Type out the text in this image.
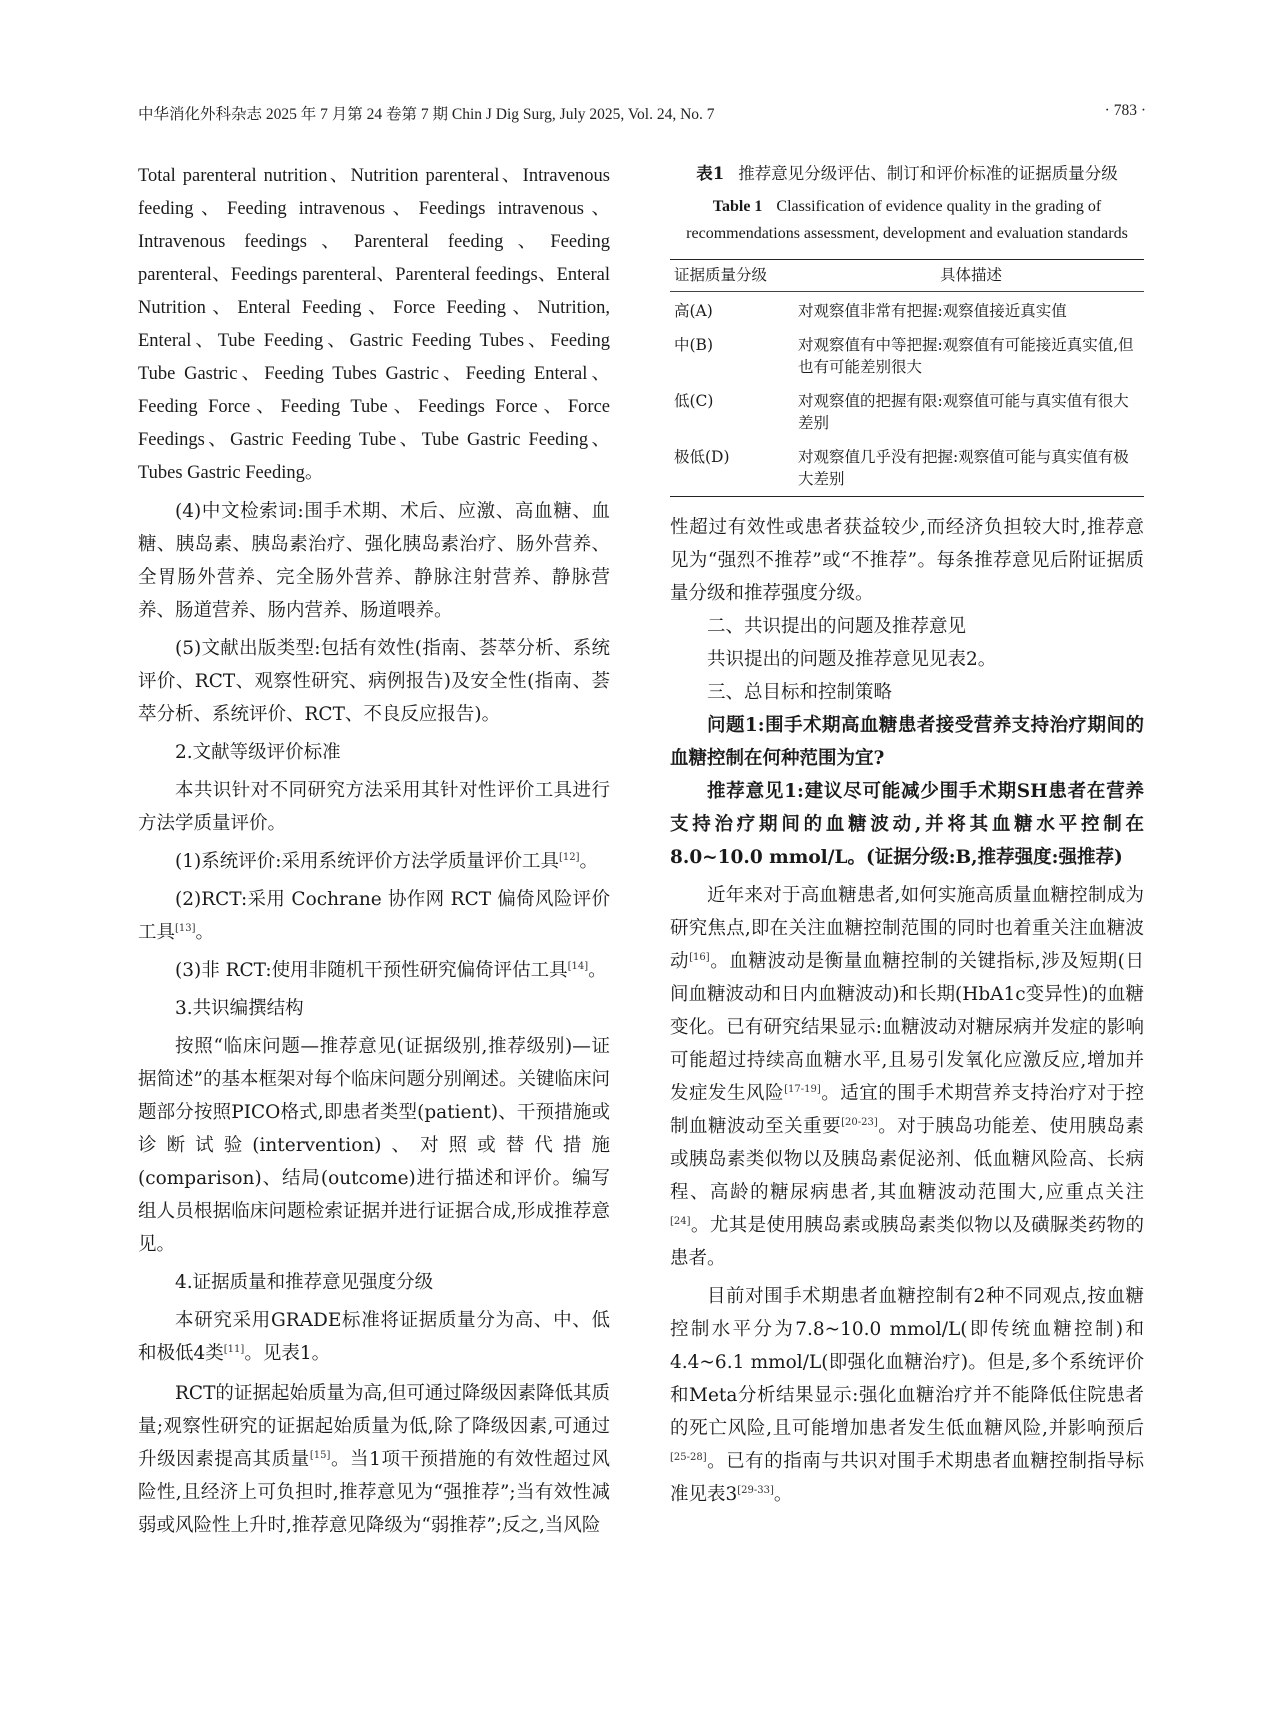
中华消化外科杂志 2025 年 7 月第 24 卷第 7 期 Chin J Dig Surg, July 2025, Vol. 24, No. 7	· 783 ·

Total parenteral nutrition、Nutrition parenteral、Intravenous feeding、Feeding intravenous、Feedings intravenous、Intravenous feedings、Parenteral feeding、Feeding parenteral、Feedings parenteral、Parenteral feedings、Enteral Nutrition、Enteral Feeding、Force Feeding、Nutrition, Enteral、Tube Feeding、Gastric Feeding Tubes、Feeding Tube Gastric、Feeding Tubes Gastric、Feeding Enteral、Feeding Force、Feeding Tube、Feedings Force、Force Feedings、Gastric Feeding Tube、Tube Gastric Feeding、Tubes Gastric Feeding。

(4)中文检索词:围手术期、术后、应激、高血糖、血糖、胰岛素、胰岛素治疗、强化胰岛素治疗、肠外营养、全胃肠外营养、完全肠外营养、静脉注射营养、静脉营养、肠道营养、肠内营养、肠道喂养。

(5)文献出版类型:包括有效性(指南、荟萃分析、系统评价、RCT、观察性研究、病例报告)及安全性(指南、荟萃分析、系统评价、RCT、不良反应报告)。

2.文献等级评价标准

本共识针对不同研究方法采用其针对性评价工具进行方法学质量评价。

(1)系统评价:采用系统评价方法学质量评价工具[12]。

(2)RCT:采用 Cochrane 协作网 RCT 偏倚风险评价工具[13]。

(3)非 RCT:使用非随机干预性研究偏倚评估工具[14]。

3.共识编撰结构

按照“临床问题—推荐意见(证据级别,推荐级别)—证据简述”的基本框架对每个临床问题分别阐述。关键临床问题部分按照PICO格式,即患者类型(patient)、干预措施或诊断试验(intervention)、对照或替代措施(comparison)、结局(outcome)进行描述和评价。编写组人员根据临床问题检索证据并进行证据合成,形成推荐意见。

4.证据质量和推荐意见强度分级

本研究采用GRADE标准将证据质量分为高、中、低和极低4类[11]。见表1。

RCT的证据起始质量为高,但可通过降级因素降低其质量;观察性研究的证据起始质量为低,除了降级因素,可通过升级因素提高其质量[15]。当1项干预措施的有效性超过风险性,且经济上可负担时,推荐意见为“强推荐”;当有效性减弱或风险性上升时,推荐意见降级为“弱推荐”;反之,当风险

表1 推荐意见分级评估、制订和评价标准的证据质量分级

Table 1 Classification of evidence quality in the grading of recommendations assessment, development and evaluation standards

证据质量分级	具体描述
高(A)	对观察值非常有把握:观察值接近真实值
中(B)	对观察值有中等把握:观察值有可能接近真实值,但也有可能差别很大
低(C)	对观察值的把握有限:观察值可能与真实值有很大差别
极低(D)	对观察值几乎没有把握:观察值可能与真实值有极大差别

性超过有效性或患者获益较少,而经济负担较大时,推荐意见为“强烈不推荐”或“不推荐”。每条推荐意见后附证据质量分级和推荐强度分级。

二、共识提出的问题及推荐意见

共识提出的问题及推荐意见见表2。

三、总目标和控制策略

问题1:围手术期高血糖患者接受营养支持治疗期间的血糖控制在何种范围为宜?

推荐意见1:建议尽可能减少围手术期SH患者在营养支持治疗期间的血糖波动,并将其血糖水平控制在8.0~10.0 mmol/L。(证据分级:B,推荐强度:强推荐)

近年来对于高血糖患者,如何实施高质量血糖控制成为研究焦点,即在关注血糖控制范围的同时也着重关注血糖波动[16]。血糖波动是衡量血糖控制的关键指标,涉及短期(日间血糖波动和日内血糖波动)和长期(HbA1c变异性)的血糖变化。已有研究结果显示:血糖波动对糖尿病并发症的影响可能超过持续高血糖水平,且易引发氧化应激反应,增加并发症发生风险[17-19]。适宜的围手术期营养支持治疗对于控制血糖波动至关重要[20-23]。对于胰岛功能差、使用胰岛素或胰岛素类似物以及胰岛素促泌剂、低血糖风险高、长病程、高龄的糖尿病患者,其血糖波动范围大,应重点关注[24]。尤其是使用胰岛素或胰岛素类似物以及磺脲类药物的患者。

目前对围手术期患者血糖控制有2种不同观点,按血糖控制水平分为7.8~10.0 mmol/L(即传统血糖控制)和4.4~6.1 mmol/L(即强化血糖治疗)。但是,多个系统评价和Meta分析结果显示:强化血糖治疗并不能降低住院患者的死亡风险,且可能增加患者发生低血糖风险,并影响预后[25-28]。已有的指南与共识对围手术期患者血糖控制指导标准见表3[29-33]。
